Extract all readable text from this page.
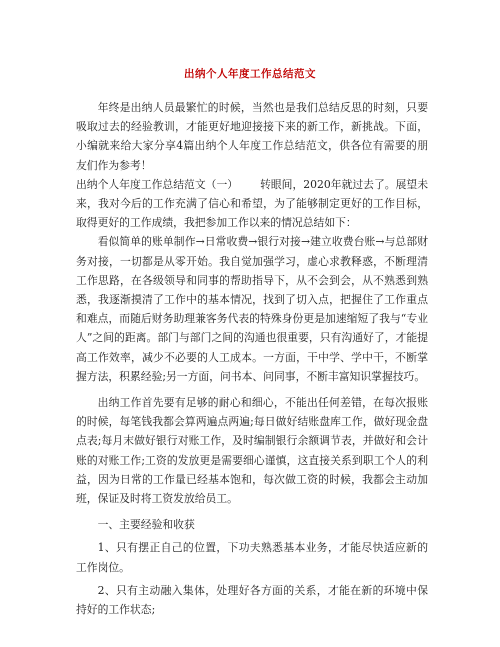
出纳个人年度工作总结范文

年终是出纳人员最繁忙的时候，当然也是我们总结反思的时刻，只要吸取过去的经验教训，才能更好地迎接接下来的新工作，新挑战。下面，小编就来给大家分享4篇出纳个人年度工作总结范文，供各位有需要的朋友们作为参考！

出纳个人年度工作总结范文（一） 转眼间，2020年就过去了。展望未来，我对今后的工作充满了信心和希望，为了能够制定更好的工作目标，取得更好的工作成绩，我把参加工作以来的情况总结如下：

看似简单的账单制作→日常收费→银行对接→建立收费台账→与总部财务对接，一切都是从零开始。我自觉加强学习，虚心求教释惑，不断理清工作思路，在各级领导和同事的帮助指导下，从不会到会，从不熟悉到熟悉，我逐渐摸清了工作中的基本情况，找到了切入点，把握住了工作重点和难点，而随后财务助理兼客务代表的特殊身份更是加速缩短了我与“专业人”之间的距离。部门与部门之间的沟通也很重要，只有沟通好了，才能提高工作效率，减少不必要的人工成本。一方面，干中学、学中干，不断掌握方法，积累经验;另一方面，问书本、问同事，不断丰富知识掌握技巧。

出纳工作首先要有足够的耐心和细心，不能出任何差错，在每次报账的时候，每笔钱我都会算两遍点两遍;每日做好结账盘库工作，做好现金盘点表;每月末做好银行对账工作，及时编制银行余额调节表，并做好和会计账的对账工作;工资的发放更是需要细心谨慎，这直接关系到职工个人的利益，因为日常的工作量已经基本饱和，每次做工资的时候，我都会主动加班，保证及时将工资发放给员工。

一、主要经验和收获

1、只有摆正自己的位置，下功夫熟悉基本业务，才能尽快适应新的工作岗位。

2、只有主动融入集体，处理好各方面的关系，才能在新的环境中保持好的工作状态;
